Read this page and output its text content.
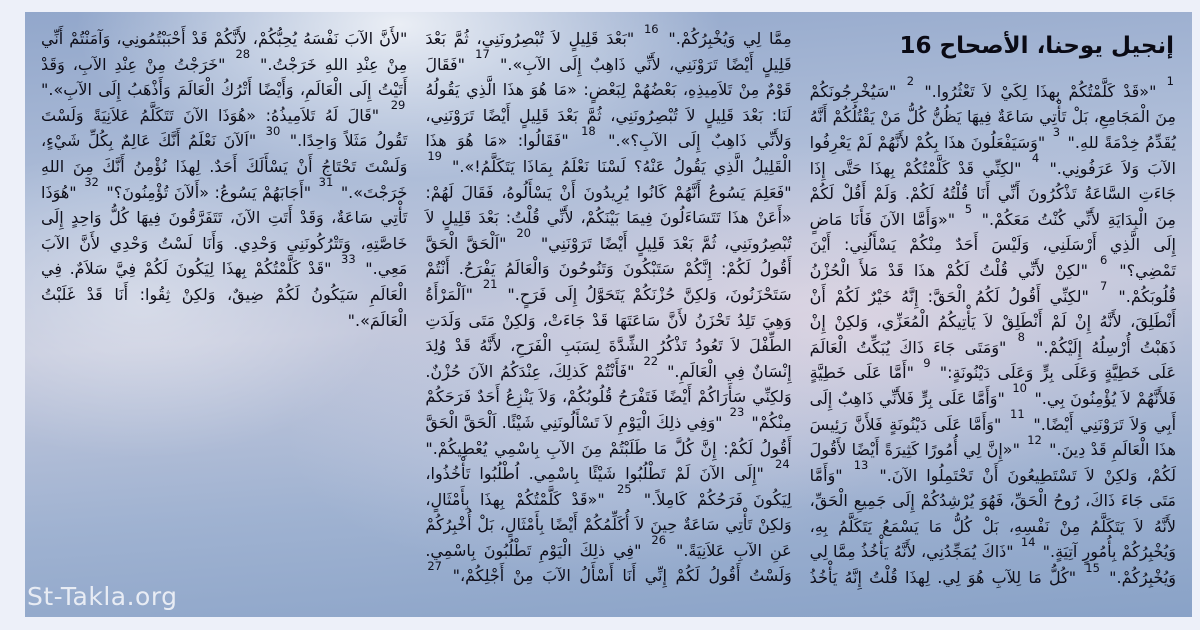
إنجيل يوحنا، الأصحاح 16
$^1$ "«قَدْ كَلَّمْتُكُمْ بِهذَا لِكَيْ لاَ تَعْثُرُوا." $^2$ "سَيُخْرِجُونَكُمْ مِنَ الْمَجَامِعِ، بَلْ تَأْتِي سَاعَةٌ فِيهَا يَظُنُّ كُلُّ مَنْ يَقْتُلُكُمْ أَنَّهُ يُقَدِّمُ خِدْمَةً للهِ." $^3$ "وَسَيَفْعَلُونَ هذَا بِكُمْ لأَنَّهُمْ لَمْ يَعْرِفُوا الآبَ وَلاَ عَرَفُونِي." $^4$ "لكِنِّي قَدْ كَلَّمْتُكُمْ بِهذَا حَتَّى إِذَا جَاءَتِ السَّاعَةُ تَذْكُرُونَ أَنِّي أَنَا قُلْتُهُ لَكُمْ. وَلَمْ أَقُلْ لَكُمْ مِنَ الْبِدَايَةِ لأَنِّي كُنْتُ مَعَكُمْ." $^5$ "«وَأَمَّا الآنَ فَأَنَا مَاضٍ إِلَى الَّذِي أَرْسَلَنِي، وَلَيْسَ أَحَدٌ مِنْكُمْ يَسْأَلُنِي: أَيْنَ تَمْضِي؟" $^6$ "لكِنْ لأَنِّي قُلْتُ لَكُمْ هذَا قَدْ مَلأَ الْحُزْنُ قُلُوبَكُمْ." $^7$ "لكِنِّي أَقُولُ لَكُمُ الْحَقَّ: إِنَّهُ خَيْرٌ لَكُمْ أَنْ أَنْطَلِقَ، لأَنَّهُ إِنْ لَمْ أَنْطَلِقْ لاَ يَأْتِيكُمُ الْمُعَزِّي، وَلكِنْ إِنْ ذَهَبْتُ أُرْسِلُهُ إِلَيْكُمْ." $^8$ "وَمَتَى جَاءَ ذَاكَ يُبَكِّتُ الْعَالَمَ عَلَى خَطِيَّةٍ وَعَلَى بِرٍّ وَعَلَى دَيْنُونَةٍ:" $^9$ "أَمَّا عَلَى خَطِيَّةٍ فَلأَنَّهُمْ لاَ يُؤْمِنُونَ بِي." $^{10}$ "وَأَمَّا عَلَى بِرٍّ فَلأَنِّي ذَاهِبٌ إِلَى أَبِي وَلاَ تَرَوْنَنِي أَيْضًا." $^{11}$ "وَأَمَّا عَلَى دَيْنُونَةٍ فَلأَنَّ رَئِيسَ هذَا الْعَالَمِ قَدْ دِينَ." $^{12}$ "«إِنَّ لِي أُمُورًا كَثِيرَةً أَيْضًا لأَقُولَ لَكُمْ، وَلكِنْ لاَ تَسْتَطِيعُونَ أَنْ تَحْتَمِلُوا الآنَ." $^{13}$ "وَأَمَّا مَتَى جَاءَ ذَاكَ، رُوحُ الْحَقِّ، فَهُوَ يُرْشِدُكُمْ إِلَى جَمِيعِ الْحَقِّ، لأَنَّهُ لاَ يَتَكَلَّمُ مِنْ نَفْسِهِ، بَلْ كُلُّ مَا يَسْمَعُ يَتَكَلَّمُ بِهِ، وَيُخْبِرُكُمْ بِأُمُورٍ آتِيَةٍ." $^{14}$ "ذَاكَ يُمَجِّدُنِي، لأَنَّهُ يَأْخُذُ مِمَّا لِي وَيُخْبِرُكُمْ." $^{15}$ "كُلُّ مَا لِلآبِ هُوَ لِي. لِهذَا قُلْتُ إِنَّهُ يَأْخُذُ مِمَّا لِي وَيُخْبِرُكُمْ." $^{16}$ "بَعْدَ قَلِيلٍ لاَ تُبْصِرُونَنِي، ثُمَّ بَعْدَ قَلِيلٍ أَيْضًا تَرَوْنَنِي، لأَنِّي ذَاهِبٌ إِلَى الآبِ»." $^{17}$ "فَقَالَ قَوْمٌ مِنْ تَلاَمِيذِهِ، بَعْضُهُمْ لِبَعْضٍ: «مَا هُوَ هذَا الَّذِي يَقُولُهُ لَنَا: بَعْدَ قَلِيلٍ لاَ تُبْصِرُونَنِي، ثُمَّ بَعْدَ قَلِيلٍ أَيْضًا تَرَوْنَنِي، وَلأَنِّي ذَاهِبٌ إِلَى الآبِ؟»." $^{18}$ "فَقَالُوا: «مَا هُوَ هذَا الْقَلِيلُ الَّذِي يَقُولُ عَنْهُ؟ لَسْنَا نَعْلَمُ بِمَاذَا يَتَكَلَّمُ!»." $^{19}$ "فَعَلِمَ يَسُوعُ أَنَّهُمْ كَانُوا يُرِيدُونَ أَنْ يَسْأَلُوهُ، فَقَالَ لَهُمْ: «أَعَنْ هذَا تَتَسَاءَلُونَ فِيمَا بَيْنَكُمْ، لأَنِّي قُلْتُ: بَعْدَ قَلِيلٍ لاَ تُبْصِرُونَنِي، ثُمَّ بَعْدَ قَلِيلٍ أَيْضًا تَرَوْنَنِي" $^{20}$ "اَلْحَقَّ الْحَقَّ أَقُولُ لَكُمْ: إِنَّكُمْ سَتَبْكُونَ وَتَنُوحُونَ وَالْعَالَمُ يَفْرَحُ. أَنْتُمْ سَتَحْزَنُونَ، وَلكِنَّ حُزْنَكُمْ يَتَحَوَّلُ إِلَى فَرَحٍ." $^{21}$ "اَلْمَرْأَةُ وَهِيَ تَلِدُ تَحْزَنُ لأَنَّ سَاعَتَهَا قَدْ جَاءَتْ، وَلكِنْ مَتَى وَلَدَتِ الطِّفْلَ لاَ تَعُودُ تَذْكُرُ الشِّدَّةَ لِسَبَبِ الْفَرَحِ، لأَنَّهُ قَدْ وُلِدَ إِنْسَانٌ فِي الْعَالَمِ." $^{22}$ "فَأَنْتُمْ كَذلِكَ، عِنْدَكُمُ الآنَ حُزْنٌ. وَلكِنِّي سَأَرَاكُمْ أَيْضًا فَتَفْرَحُ قُلُوبُكُمْ، وَلاَ يَنْزِعُ أَحَدٌ فَرَحَكُمْ مِنْكُمْ" $^{23}$ "وَفِي ذلِكَ الْيَوْمِ لاَ تَسْأَلُونَنِي شَيْئًا. اَلْحَقَّ الْحَقَّ أَقُولُ لَكُمْ: إِنَّ كُلَّ مَا طَلَبْتُمْ مِنَ الآبِ بِاسْمِي يُعْطِيكُمْ." $^{24}$ "إِلَى الآنَ لَمْ تَطْلُبُوا شَيْئًا بِاسْمِي. اُطْلُبُوا تَأْخُذُوا، لِيَكُونَ فَرَحُكُمْ كَامِلاً." $^{25}$ "«قَدْ كَلَّمْتُكُمْ بِهذَا بِأَمْثَالٍ، وَلكِنْ تَأْتِي سَاعَةٌ حِينَ لاَ أُكَلِّمُكُمْ أَيْضًا بِأَمْثَالٍ، بَلْ أُخْبِرُكُمْ عَنِ الآبِ عَلاَنِيَةً." $^{26}$ "فِي ذلِكَ الْيَوْمِ تَطْلُبُونَ بِاسْمِي. وَلَسْتُ أَقُولُ لَكُمْ إِنِّي أَنَا أَسْأَلُ الآبَ مِنْ أَجْلِكُمْ،" $^{27}$ "لأَنَّ الآبَ نَفْسَهُ يُحِبُّكُمْ، لأَنَّكُمْ قَدْ أَحْبَبْتُمُونِي، وَآمَنْتُمْ أَنِّي مِنْ عِنْدِ اللهِ خَرَجْتُ." $^{28}$ "خَرَجْتُ مِنْ عِنْدِ الآبِ، وَقَدْ أَتَيْتُ إِلَى الْعَالَمِ، وَأَيْضًا أَتْرُكُ الْعَالَمَ وَأَذْهَبُ إِلَى الآبِ»." $^{29}$ "قَالَ لَهُ تَلاَمِيذُهُ: «هُوَذَا الآنَ تَتَكَلَّمُ عَلاَنِيَةً وَلَسْتَ تَقُولُ مَثَلاً وَاحِدًا." $^{30}$ "اَلآنَ نَعْلَمُ أَنَّكَ عَالِمٌ بِكُلِّ شَيْءٍ، وَلَسْتَ تَحْتَاجُ أَنْ يَسْأَلَكَ أَحَدٌ. لِهذَا نُؤْمِنُ أَنَّكَ مِنَ اللهِ خَرَجْتَ»." $^{31}$ "أَجَابَهُمْ يَسُوعُ: «أَلآنَ تُؤْمِنُونَ؟" $^{32}$ "هُوَذَا تَأْتِي سَاعَةٌ، وَقَدْ أَتَتِ الآنَ، تَتَفَرَّقُونَ فِيهَا كُلُّ وَاحِدٍ إِلَى خَاصَّتِهِ، وَتَتْرُكُونَنِي وَحْدِي. وَأَنَا لَسْتُ وَحْدِي لأَنَّ الآبَ مَعِي." $^{33}$ "قَدْ كَلَّمْتُكُمْ بِهذَا لِيَكُونَ لَكُمْ فِيَّ سَلاَمٌ. فِي الْعَالَمِ سَيَكُونُ لَكُمْ ضِيقٌ، وَلكِنْ ثِقُوا: أَنَا قَدْ غَلَبْتُ الْعَالَمَ»."
St-Takla.org
